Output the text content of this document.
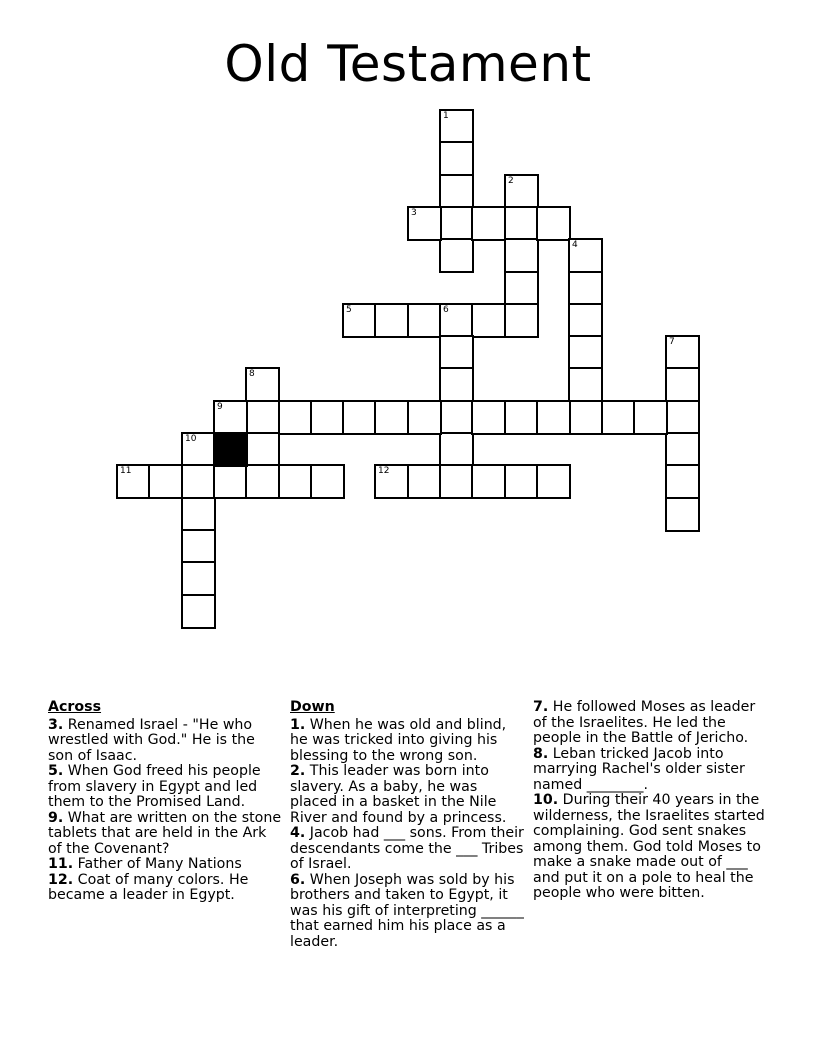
Old Testament
1
2
3
4
5	6
7
8
9
10
11	12
Across
3. Renamed Israel - "He who wrestled with God." He is the son of Isaac.
5. When God freed his people from slavery in Egypt and led them to the Promised Land.
9. What are written on the stone tablets that are held in the Ark of the Covenant?
11. Father of Many Nations
12. Coat of many colors. He became a leader in Egypt.
Down
1. When he was old and blind, he was tricked into giving his blessing to the wrong son.
2. This leader was born into slavery. As a baby, he was placed in a basket in the Nile River and found by a princess.
4. Jacob had ___ sons. From their descendants come the ___ Tribes of Israel.
6. When Joseph was sold by his brothers and taken to Egypt, it was his gift of interpreting ______ that earned him his place as a leader.
7. He followed Moses as leader of the Israelites. He led the people in the Battle of Jericho.
8. Leban tricked Jacob into marrying Rachel's older sister named ________.
10. During their 40 years in the wilderness, the Israelites started complaining. God sent snakes among them. God told Moses to make a snake made out of ___ and put it on a pole to heal the people who were bitten.
